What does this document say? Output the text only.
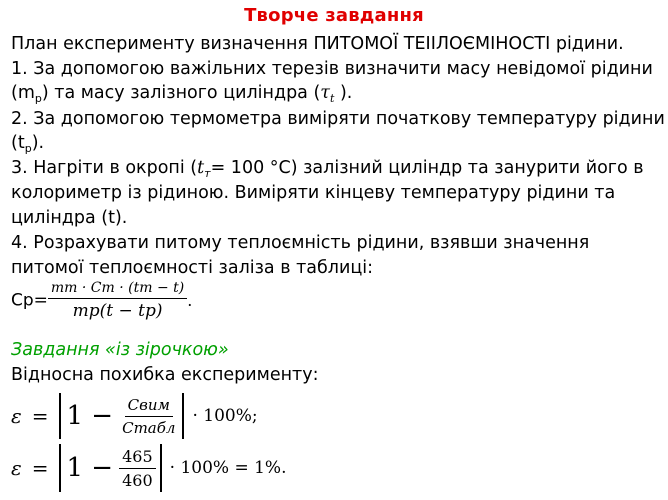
Творче завдання
План експерименту визначення ПИТОМОЇ ТЕІІЛОЄМІНОСТІ рідини.
1. За допомогою важільних терезів визначити масу невідомої рідини
$(m_р)$ та масу залізного циліндра ($\tau_t$ ).
2. За допомогою термометра виміряти початкову температуру рідини
$(t_р)$.
3. Нагріти в окропі ($t_т= 100$ °С) залізний циліндр та занурити його в
колориметр із рідиною. Виміряти кінцеву температуру рідини та
циліндра (t).
4. Розрахувати питому теплоємність рідини, взявши значення
питомої теплоємності заліза в таблиці:
$Ср= \frac{mт \cdot Cт \cdot (tт - t)}{mр(t - tр)}$ .
Завдання «із зірочкою»
Відносна похибка експерименту:
$\varepsilon = 1 - \frac{\text{Свим}}{\text{Стабл}} \cdot 100\%$;
$\varepsilon = 1 - \frac{465}{460} \cdot 100\% = 1\%$.
